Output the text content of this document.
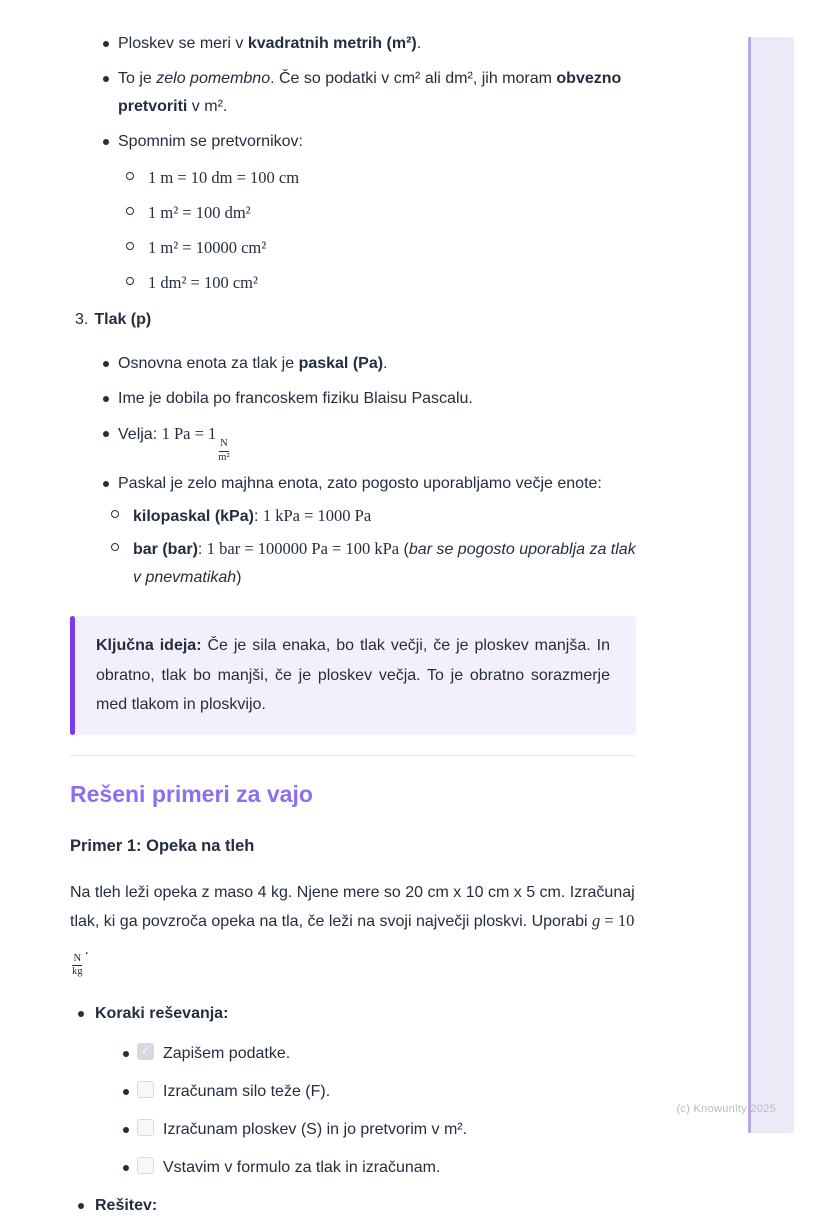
Ploskev se meri v kvadratnih metrih (m²).
To je zelo pomembno. Če so podatki v cm² ali dm², jih moram obvezno pretvoriti v m².
Spomnim se pretvornikov:
1 m = 10 dm = 100 cm
1 m² = 100 dm²
1 m² = 10000 cm²
1 dm² = 100 cm²
3. Tlak (p)
Osnovna enota za tlak je paskal (Pa).
Ime je dobila po francoskem fiziku Blaisu Pascalu.
Velja: 1 Pa = 1
$\frac{N}{\text{m²}}$
Paskal je zelo majhna enota, zato pogosto uporabljamo večje enote:
kilopaskal (kPa): 1 kPa = 1000 Pa
bar (bar): 1 bar = 100000 Pa = 100 kPa (bar se pogosto uporablja za tlak v pnevmatikah)
Ključna ideja: Če je sila enaka, bo tlak večji, če je ploskev manjša. In obratno, tlak bo manjši, če je ploskev večja. To je obratno sorazmerje med tlakom in ploskvijo.
Rešeni primeri za vajo
Primer 1: Opeka na tleh

Na tleh leži opeka z maso 4 kg. Njene mere so 20 cm x 10 cm x 5 cm. Izračunaj tlak, ki ga povzroča opeka na tla, če leži na svoji največji ploskvi. Uporabi g = 10
$\frac{N}{kg}$
.

Koraki reševanja:
✓Zapišem podatke.
Izračunam silo teže (F).
Izračunam ploskev (S) in jo pretvorim v m².
Vstavim v formulo za tlak in izračunam.
Rešitev:
(c) Knowunity 2025
